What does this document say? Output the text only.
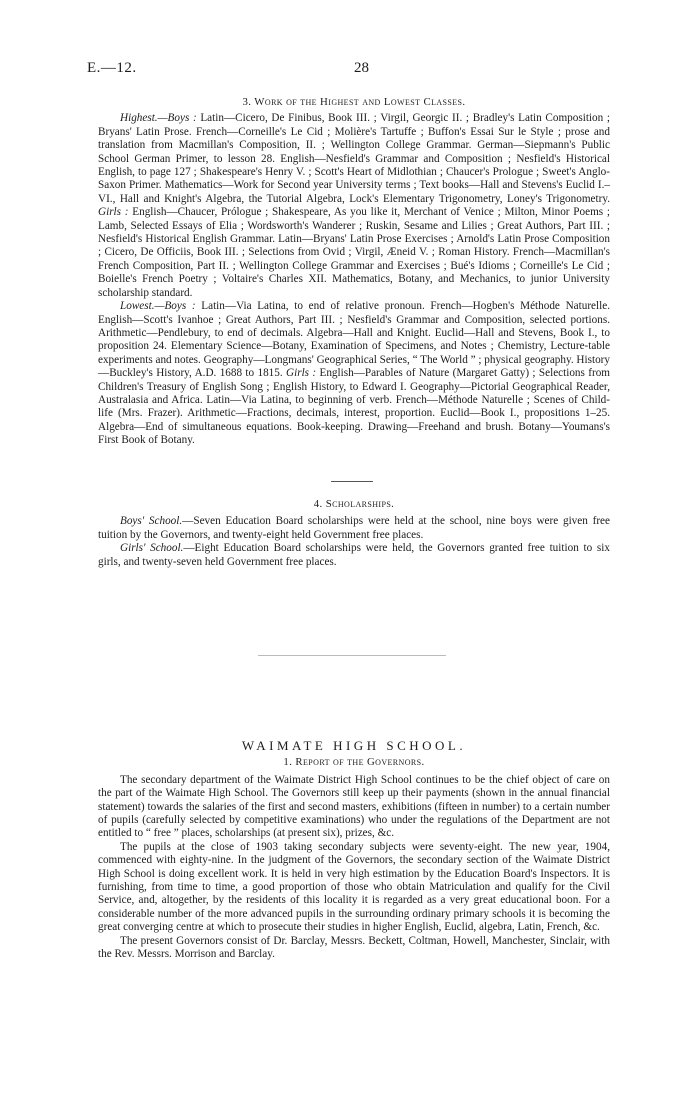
E.—12.	28
3. Work of the Highest and Lowest Classes.

Highest.—Boys : Latin—Cicero, De Finibus, Book III. ; Virgil, Georgic II. ; Bradley's Latin Composition ; Bryans' Latin Prose. French—Corneille's Le Cid ; Molière's Tartuffe ; Buffon's Essai Sur le Style ; prose and translation from Macmillan's Composition, II. ; Wellington College Grammar. German—Siepmann's Public School German Primer, to lesson 28. English—Nesfield's Grammar and Composition ; Nesfield's Historical English, to page 127 ; Shakespeare's Henry V. ; Scott's Heart of Midlothian ; Chaucer's Prologue ; Sweet's Anglo-Saxon Primer. Mathematics—Work for Second year University terms ; Text books—Hall and Stevens's Euclid I.–VI., Hall and Knight's Algebra, the Tutorial Algebra, Lock's Elementary Trigonometry, Loney's Trigonometry. Girls : English—Chaucer, Prólogue ; Shakespeare, As you like it, Merchant of Venice ; Milton, Minor Poems ; Lamb, Selected Essays of Elia ; Wordsworth's Wanderer ; Ruskin, Sesame and Lilies ; Great Authors, Part III. ; Nesfield's Historical English Grammar. Latin—Bryans' Latin Prose Exercises ; Arnold's Latin Prose Composition ; Cicero, De Officiis, Book III. ; Selections from Ovid ; Virgil, Æneid V. ; Roman History. French—Macmillan's French Composition, Part II. ; Wellington College Grammar and Exercises ; Bué's Idioms ; Corneille's Le Cid ; Boielle's French Poetry ; Voltaire's Charles XII. Mathematics, Botany, and Mechanics, to junior University scholarship standard.

Lowest.—Boys : Latin—Via Latina, to end of relative pronoun. French—Hogben's Méthode Naturelle. English—Scott's Ivanhoe ; Great Authors, Part III. ; Nesfield's Grammar and Composition, selected portions. Arithmetic—Pendlebury, to end of decimals. Algebra—Hall and Knight. Euclid—Hall and Stevens, Book I., to proposition 24. Elementary Science—Botany, Examination of Specimens, and Notes ; Chemistry, Lecture-table experiments and notes. Geography—Longmans' Geographical Series, “ The World ” ; physical geography. History—Buckley's History, A.D. 1688 to 1815. Girls : English—Parables of Nature (Margaret Gatty) ; Selections from Children's Treasury of English Song ; English History, to Edward I. Geography—Pictorial Geographical Reader, Australasia and Africa. Latin—Via Latina, to beginning of verb. French—Méthode Naturelle ; Scenes of Child-life (Mrs. Frazer). Arithmetic—Fractions, decimals, interest, proportion. Euclid—Book I., propositions 1–25. Algebra—End of simultaneous equations. Book-keeping. Drawing—Freehand and brush. Botany—Youmans's First Book of Botany.

4. Scholarships.

Boys' School.—Seven Education Board scholarships were held at the school, nine boys were given free tuition by the Governors, and twenty-eight held Government free places.

Girls' School.—Eight Education Board scholarships were held, the Governors granted free tuition to six girls, and twenty-seven held Government free places.

WAIMATE HIGH SCHOOL.
1. Report of the Governors.

The secondary department of the Waimate District High School continues to be the chief object of care on the part of the Waimate High School. The Governors still keep up their payments (shown in the annual financial statement) towards the salaries of the first and second masters, exhibitions (fifteen in number) to a certain number of pupils (carefully selected by competitive examinations) who under the regulations of the Department are not entitled to “ free ” places, scholarships (at present six), prizes, &c.

The pupils at the close of 1903 taking secondary subjects were seventy-eight. The new year, 1904, commenced with eighty-nine. In the judgment of the Governors, the secondary section of the Waimate District High School is doing excellent work. It is held in very high estimation by the Education Board's Inspectors. It is furnishing, from time to time, a good proportion of those who obtain Matriculation and qualify for the Civil Service, and, altogether, by the residents of this locality it is regarded as a very great educational boon. For a considerable number of the more advanced pupils in the surrounding ordinary primary schools it is becoming the great converging centre at which to prosecute their studies in higher English, Euclid, algebra, Latin, French, &c.

The present Governors consist of Dr. Barclay, Messrs. Beckett, Coltman, Howell, Manchester, Sinclair, with the Rev. Messrs. Morrison and Barclay.
